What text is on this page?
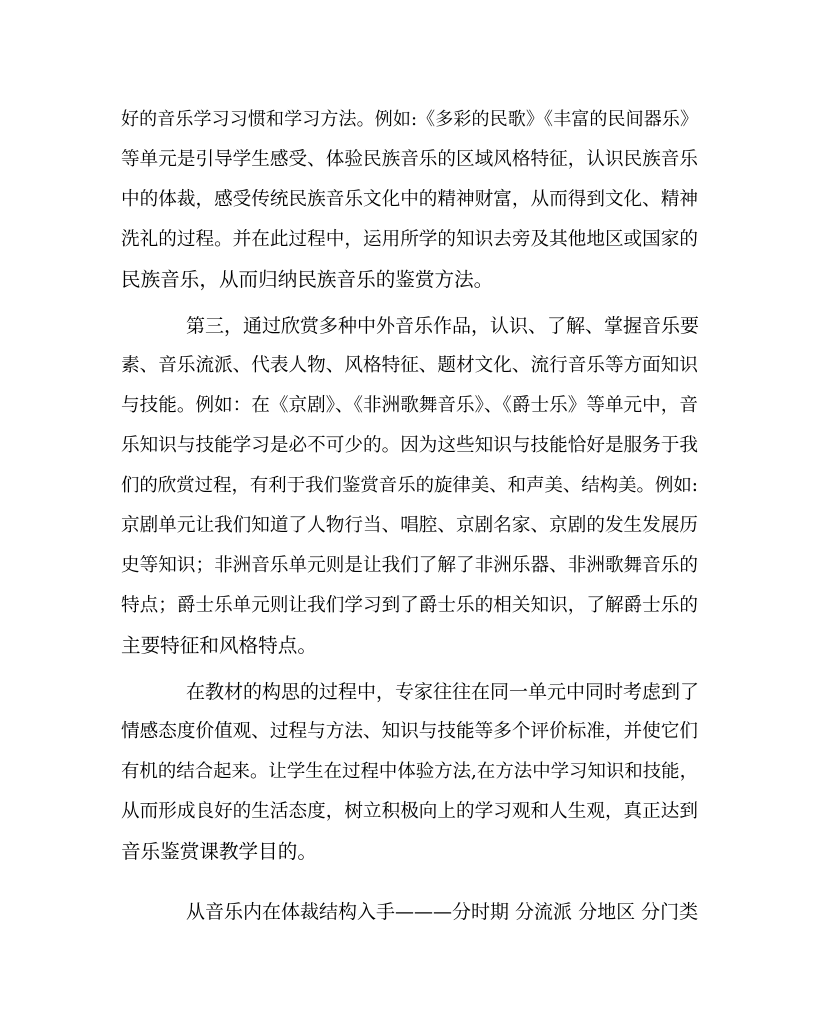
好的音乐学习习惯和学习方法。例如:《多彩的民歌》《丰富的民间器乐》
等单元是引导学生感受、体验民族音乐的区域风格特征，认识民族音乐
中的体裁，感受传统民族音乐文化中的精神财富，从而得到文化、精神
洗礼的过程。并在此过程中，运用所学的知识去旁及其他地区或国家的
民族音乐，从而归纳民族音乐的鉴赏方法。
第三，通过欣赏多种中外音乐作品，认识、了解、掌握音乐要
素、音乐流派、代表人物、风格特征、题材文化、流行音乐等方面知识
与技能。例如：在《京剧》、《非洲歌舞音乐》、《爵士乐》等单元中，音
乐知识与技能学习是必不可少的。因为这些知识与技能恰好是服务于我
们的欣赏过程，有利于我们鉴赏音乐的旋律美、和声美、结构美。例如:
京剧单元让我们知道了人物行当、唱腔、京剧名家、京剧的发生发展历
史等知识；非洲音乐单元则是让我们了解了非洲乐器、非洲歌舞音乐的
特点；爵士乐单元则让我们学习到了爵士乐的相关知识，了解爵士乐的
主要特征和风格特点。
在教材的构思的过程中，专家往往在同一单元中同时考虑到了
情感态度价值观、过程与方法、知识与技能等多个评价标准，并使它们
有机的结合起来。让学生在过程中体验方法,在方法中学习知识和技能，
从而形成良好的生活态度，树立积极向上的学习观和人生观，真正达到
音乐鉴赏课教学目的。
从音乐内在体裁结构入手———分时期 分流派 分地区 分门类
